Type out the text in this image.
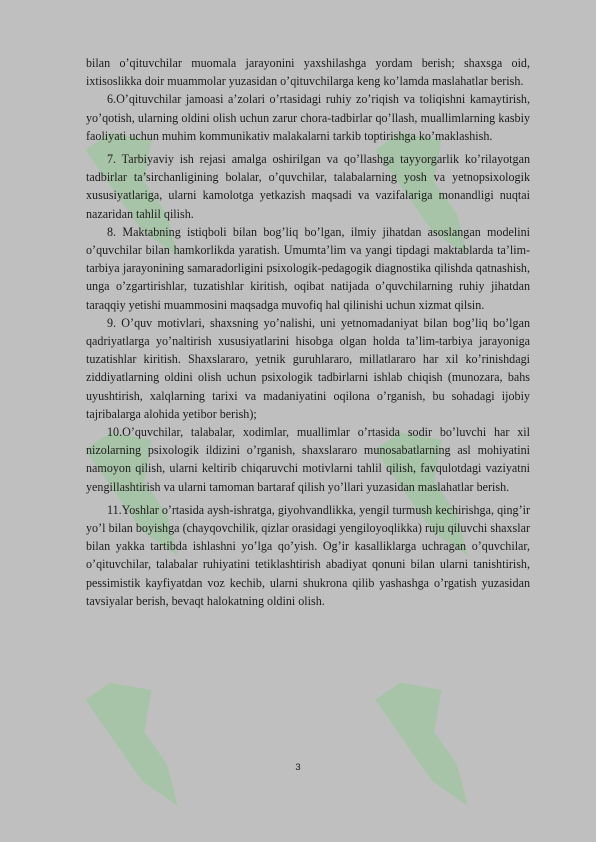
bilan o’qituvchilar muomala jarayonini yaxshilashga yordam berish; shaxsga oid, ixtisoslikka doir muammolar yuzasidan o’qituvchilarga keng ko’lamda maslahatlar berish.

6.O’qituvchilar jamoasi a’zolari o’rtasidagi ruhiy zo’riqish va toliqishni kamaytirish, yo’qotish, ularning oldini olish uchun zarur chora-tadbirlar qo’llash, muallimlarning kasbiy faoliyati uchun muhim kommunikativ malakalarni tarkib toptirishga ko’maklashish.

7. Tarbiyaviy ish rejasi amalga oshirilgan va qo’llashga tayyorgarlik ko’rilayotgan tadbirlar ta’sirchanligining bolalar, o’quvchilar, talabalarning yosh va yetnopsixologik xususiyatlariga, ularni kamolotga yetkazish maqsadi va vazifalariga monandligi nuqtai nazaridan tahlil qilish.

8. Maktabning istiqboli bilan bog’liq bo’lgan, ilmiy jihatdan asoslangan modelini o’quvchilar bilan hamkorlikda yaratish. Umumta’lim va yangi tipdagi maktablarda ta’lim-tarbiya jarayonining samaradorligini psixologik-pedagogik diagnostika qilishda qatnashish, unga o’zgartirishlar, tuzatishlar kiritish, oqibat natijada o’quvchilarning ruhiy jihatdan taraqqiy yetishi muammosini maqsadga muvofiq hal qilinishi uchun xizmat qilsin.

9. O’quv motivlari, shaxsning yo’nalishi, uni yetnomadaniyat bilan bog’liq bo’lgan qadriyatlarga yo’naltirish xususiyatlarini hisobga olgan holda ta’lim-tarbiya jarayoniga tuzatishlar kiritish. Shaxslararo, yetnik guruhlararo, millatlararo har xil ko’rinishdagi ziddiyatlarning oldini olish uchun psixologik tadbirlarni ishlab chiqish (munozara, bahs uyushtirish, xalqlarning tarixi va madaniyatini oqilona o’rganish, bu sohadagi ijobiy tajribalarga alohida yetibor berish);

10.O’quvchilar, talabalar, xodimlar, muallimlar o’rtasida sodir bo’luvchi har xil nizolarning psixologik ildizini o’rganish, shaxslararo munosabatlarning asl mohiyatini namoyon qilish, ularni keltirib chiqaruvchi motivlarni tahlil qilish, favqulotdagi vaziyatni yengillashtirish va ularni tamoman bartaraf qilish yo’llari yuzasidan maslahatlar berish.

11.Yoshlar o’rtasida aysh-ishratga, giyohvandlikka, yengil turmush kechirishga, qing’ir yo’l bilan boyishga (chayqovchilik, qizlar orasidagi yengiloyoqlikka) ruju qiluvchi shaxslar bilan yakka tartibda ishlashni yo’lga qo’yish. Og’ir kasalliklarga uchragan o’quvchilar, o’qituvchilar, talabalar ruhiyatini tetiklashtirish abadiyat qonuni bilan ularni tanishtirish, pessimistik kayfiyatdan voz kechib, ularni shukrona qilib yashashga o’rgatish yuzasidan tavsiyalar berish, bevaqt halokatning oldini olish.

3
